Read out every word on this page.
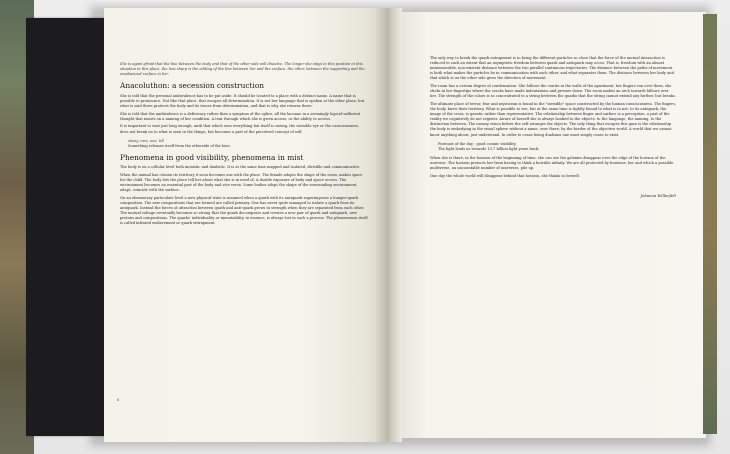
She is again afraid that the line between the body and that of the other side will dissolve. The longer she stays in this position in this situation in this place, the less sharp is the editing of the line between her and the surface, the other, between the supporting and the emphasized surface in her.

Anacoluthon: a secession construction

She is told that the personal ambivalence has to be put aside. It should be located to a place with a distinct name. A name that is possible to pronounce. Not like that place, that escapes all determination. It is not her language that is spoken at the other place, but what is said there protects the body and its traces from determination, and that is why she returns there.

She is told that the ambivalence is a deficiency rather than a symptom of the splice, all the lacunae in a seemingly logical-sufficient thought that insists on a naming of her condition. A tear through which she is given access, or the ability to access.

It is important to wait just long enough, until that which sees everything but itself is seeing, the invisible eye or the consciousness, does not break on to what is seen in the things, but becomes a part of the perceived concept of self.

slowy, rare, one, till
Something releases itself from the otherside of the lens.
Phenomena in good visibility, phenomena in mist

The body is on a cellular level both monistic and dualistic. It is at the same time mapped and isolated, divisible and communicative.

When the animal has chosen its territory it soon becomes one with the place. The female adopts the shape of the room, makes space for the child. The body lets the place tell her about what she is in need of. A double exposure of body and space occurs. The environment becomes an essential part of the body and vice versa. Some bodies adopt the shape of the surrounding environment, adapt, coincide with the surface.

On an elementary particulate level a new physical state is assumed when a quark with its antiquark superimposes a hunger-quark composition. The new compositions that are formed are called primary. One has never quite managed to isolate a quark from its antiquark. Instead the forces of attraction between quark and anti-quark grows in strength when they are separated from each other. The mutual voltage eventually becomes so strong that the quark decomposes and creates a new pair of quark and antiquark, new protons and compositions. The quarks' individuality or immutability, in essence, is always lost in such a process. The phenomenon itself is called infrared enslavement or quark entrapment.

6

The only way to break the quark entrapment is to bring the different particles so close that the force of the mutual interaction is reduced to such an extent that an asymptotic freedom between quark and antiquark may occur. That is, freedom with an almost immeasurable, non-existent distance between the two parallel continuous trajectories. The distance between the paths of movement is both what makes the particles be in communication with each other, and what separates them. The distance between her body and that which is on the other side gives the direction of movement.

The room has a certain degree of condensation. She follows the cracks in the walls of the apartment, her fingers run over them, she sticks in her fingertips where the cracks have made indentations and presses down. The room makes an arch towards billows over her. The strength of the colors is so concentrated to a string between the quarks that the string cannot extend any further, but breaks.

The ultimate place of terror, fear and mysticism is found in the "invisible" space constructed by the human consciousness. The fingers, the body, know their territory. What is possible to see, but at the same time is tightly bound to what is in not, to its antiquark, the image of the cross, is genetic rather than representative. The relationship between finger and surface is a perception, a part of the reality we cognitively do not register. Aware of herself she is always hooked to the objects, to the language, the naming, to the distinction between. The uneasy vision before the self arranges the objects. The only thing that escapes this gaze is the relationship the body is embodying in the visual sphere without a name, over there, by the border of the objective world. A world that we cannot know anything about, just understand. In order to cease being dualisms one must simply cease to exist.

Forecast of the day : good cosmic visibility.
The light leads us towards 13,7 billion light years back.

When she is there, in the horizon of the beginning of time, she can see the galaxies disappear over the edge of the horizon of the universe. The horizon protects her from having to think a horrible infinity. We are all protected by horizons, her and which a possible multiverse, an uncountable number of universes, pile up.

One day the whole world will disappear behind that horizon, she thinks to herself.

Johanna Willenfelt
